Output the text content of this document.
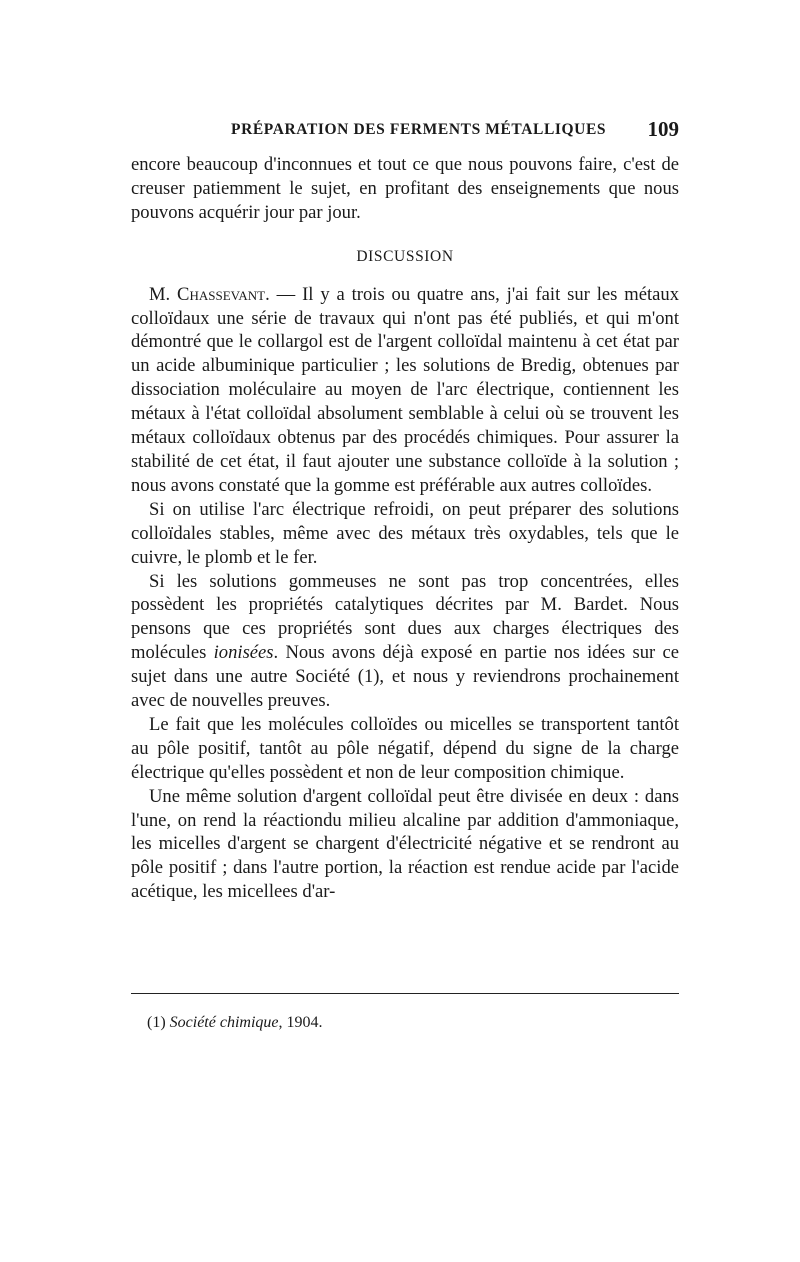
PRÉPARATION DES FERMENTS MÉTALLIQUES 109

encore beaucoup d'inconnues et tout ce que nous pouvons faire, c'est de creuser patiemment le sujet, en profitant des enseignements que nous pouvons acquérir jour par jour.

DISCUSSION

M. Chassevant. — Il y a trois ou quatre ans, j'ai fait sur les métaux colloïdaux une série de travaux qui n'ont pas été publiés, et qui m'ont démontré que le collargol est de l'argent colloïdal maintenu à cet état par un acide albuminique particulier ; les solutions de Bredig, obtenues par dissociation moléculaire au moyen de l'arc électrique, contiennent les métaux à l'état colloïdal absolument semblable à celui où se trouvent les métaux colloïdaux obtenus par des procédés chimiques. Pour assurer la stabilité de cet état, il faut ajouter une substance colloïde à la solution ; nous avons constaté que la gomme est préférable aux autres colloïdes.

Si on utilise l'arc électrique refroidi, on peut préparer des solutions colloïdales stables, même avec des métaux très oxydables, tels que le cuivre, le plomb et le fer.

Si les solutions gommeuses ne sont pas trop concentrées, elles possèdent les propriétés catalytiques décrites par M. Bardet. Nous pensons que ces propriétés sont dues aux charges électriques des molécules ionisées. Nous avons déjà exposé en partie nos idées sur ce sujet dans une autre Société (1), et nous y reviendrons prochainement avec de nouvelles preuves.

Le fait que les molécules colloïdes ou micelles se transportent tantôt au pôle positif, tantôt au pôle négatif, dépend du signe de la charge électrique qu'elles possèdent et non de leur composition chimique.

Une même solution d'argent colloïdal peut être divisée en deux : dans l'une, on rend la réactiondu milieu alcaline par addition d'ammoniaque, les micelles d'argent se chargent d'électricité négative et se rendront au pôle positif ; dans l'autre portion, la réaction est rendue acide par l'acide acétique, les micellees d'ar-

(1) Société chimique, 1904.
